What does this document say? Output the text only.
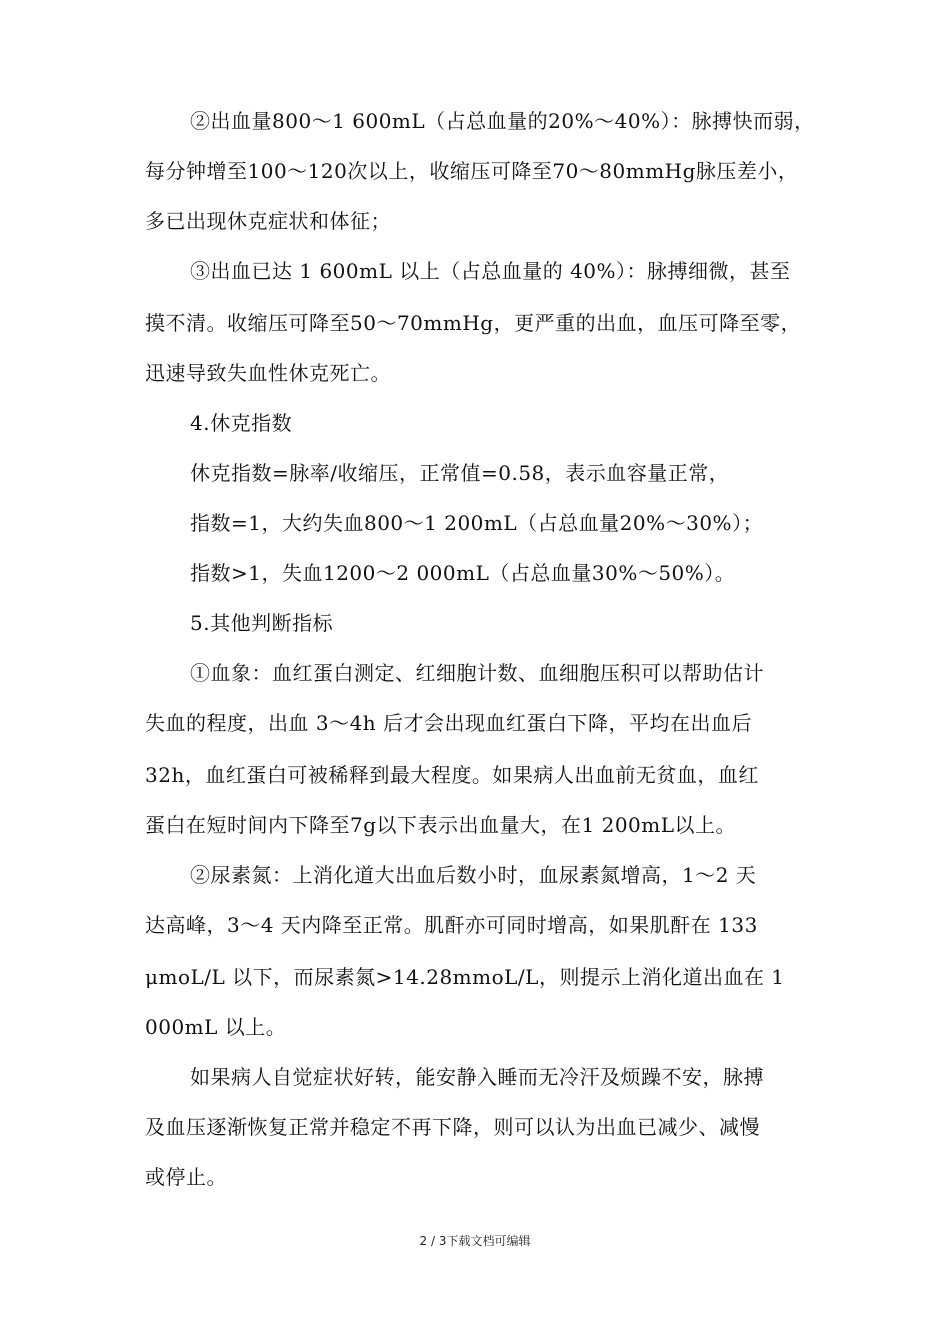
②出血量800～1 600mL（占总血量的20%～40%）：脉搏快而弱，
每分钟增至100～120次以上，收缩压可降至70～80mmHg脉压差小，
多已出现休克症状和体征；
③出血已达 1 600mL 以上（占总血量的 40%）：脉搏细微，甚至
摸不清。收缩压可降至50～70mmHg，更严重的出血，血压可降至零，
迅速导致失血性休克死亡。
4.休克指数
休克指数=脉率/收缩压，正常值=0.58，表示血容量正常，
指数=1，大约失血800～1 200mL（占总血量20%～30%）；
指数>1，失血1200～2 000mL（占总血量30%～50%）。
5.其他判断指标
①血象：血红蛋白测定、红细胞计数、血细胞压积可以帮助估计
失血的程度，出血 3～4h 后才会出现血红蛋白下降，平均在出血后
32h，血红蛋白可被稀释到最大程度。如果病人出血前无贫血，血红
蛋白在短时间内下降至7g以下表示出血量大，在1 200mL以上。
②尿素氮：上消化道大出血后数小时，血尿素氮增高，1～2 天
达高峰，3～4 天内降至正常。肌酐亦可同时增高，如果肌酐在 133
μmoL/L 以下，而尿素氮>14.28mmoL/L，则提示上消化道出血在 1
000mL 以上。
如果病人自觉症状好转，能安静入睡而无冷汗及烦躁不安，脉搏
及血压逐渐恢复正常并稳定不再下降，则可以认为出血已减少、减慢
或停止。
2 / 3下载文档可编辑
